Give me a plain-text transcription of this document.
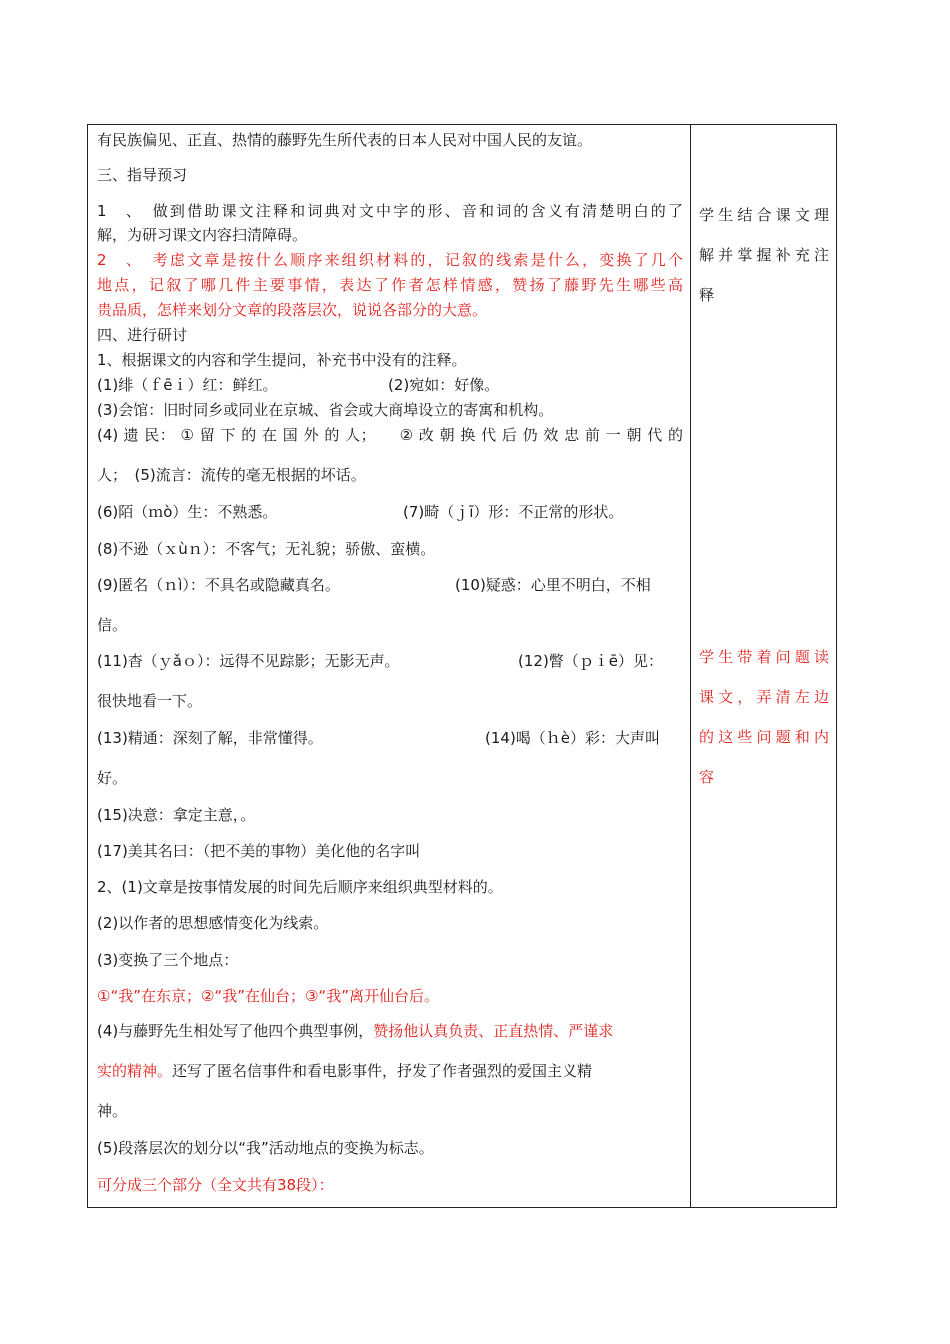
有民族偏见、正直、热情的藤野先生所代表的日本人民对中国人民的友谊。
三、指导预习
1　、　做到借助课文注释和词典对文中字的形、音和词的含义有清楚明白的了
解，为研习课文内容扫清障碍。
2　、　考虑文章是按什么顺序来组织材料的，记叙的线索是什么，变换了几个
地点，记叙了哪几件主要事情，表达了作者怎样情感，赞扬了藤野先生哪些高
贵品质，怎样来划分文章的段落层次，说说各部分的大意。
四、进行研讨
1、根据课文的内容和学生提问，补充书中没有的注释。
(1)绯（ｆēｉ）红：鲜红。	(2)宛如：好像。
(3)会馆：旧时同乡或同业在京城、省会或大商埠设立的寄寓和机构。
(4) 遗 民： ① 留 下 的 在 国 外 的 人；　　② 改 朝 换 代 后 仍 效 忠 前 一 朝 代 的
人；　(5)流言：流传的毫无根据的坏话。
(6)陌（ｍò）生：不熟悉。	(7)畸（ｊī）形：不正常的形状。
(8)不逊（ｘùｎ）：不客气；无礼貌；骄傲、蛮横。
(9)匿名（ｎì）：不具名或隐藏真名。	(10)疑惑：心里不明白，不相
信。
(11)杳（ｙǎｏ）：远得不见踪影；无影无声。	(12)瞥（ｐｉē）见：
很快地看一下。
(13)精通：深刻了解，非常懂得。	(14)喝（ｈè）彩：大声叫
好。
(15)决意：拿定主意，。
(17)美其名曰：（把不美的事物）美化他的名字叫
2、(1)文章是按事情发展的时间先后顺序来组织典型材料的。
(2)以作者的思想感情变化为线索。
(3)变换了三个地点：
①“我”在东京；②“我”在仙台；③“我”离开仙台后。
(4)与藤野先生相处写了他四个典型事例，赞扬他认真负责、正直热情、严谨求
实的精神。还写了匿名信事件和看电影事件，抒发了作者强烈的爱国主义精
神。
(5)段落层次的划分以“我”活动地点的变换为标志。
可分成三个部分（全文共有38段）：
学生结合课文理
解并掌握补充注
释
学生带着问题读
课文，弄清左边
的这些问题和内
容
